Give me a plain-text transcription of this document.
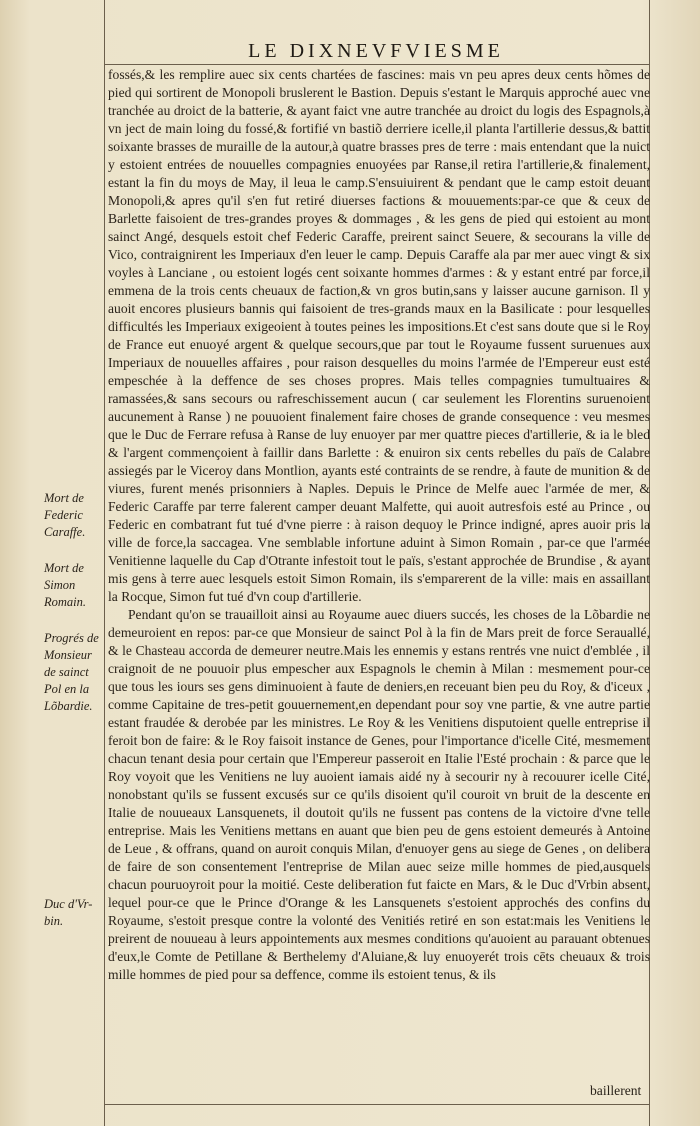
LE DIXNEVFVIESME
Mort de
Federic
Caraffe.
Mort de
Simon
Romain.
Progrés de
Monsieur
de sainct
Pol en la
Lõbardie.
Duc d'Vr-
bin.

fossés,& les remplire auec six cents chartées de fascines: mais vn peu apres deux cents hõmes de pied qui sortirent de Monopoli bruslerent le Bastion. Depuis s'estant le Marquis approché auec vne tranchée au droict de la batterie, & ayant faict vne autre tranchée au droict du logis des Espagnols,à vn ject de main loing du fossé,& fortifié vn bastiõ derriere icelle,il planta l'artillerie dessus,& battit soixante brasses de muraille de la autour,à quatre brasses pres de terre : mais entendant que la nuict y estoient entrées de nouuelles compagnies enuoyées par Ranse,il retira l'artillerie,& finalement, estant la fin du moys de May, il leua le camp.S'ensuiuirent & pendant que le camp estoit deuant Monopoli,& apres qu'il s'en fut retiré diuerses factions & mouuements:par-ce que & ceux de Barlette faisoient de tres-grandes proyes & dommages , & les gens de pied qui estoient au mont sainct Angé, desquels estoit chef Federic Caraffe, preirent sainct Seuere, & secourans la ville de Vico, contraignirent les Imperiaux d'en leuer le camp. Depuis Caraffe ala par mer auec vingt & six voyles à Lanciane , ou estoient logés cent soixante hommes d'armes : & y estant entré par force,il emmena de la trois cents cheuaux de faction,& vn gros butin,sans y laisser aucune garnison. Il y auoit encores plusieurs bannis qui faisoient de tres-grands maux en la Basilicate : pour lesquelles difficultés les Imperiaux exigeoient à toutes peines les impositions.Et c'est sans doute que si le Roy de France eut enuoyé argent & quelque secours,que par tout le Royaume fussent suruenues aux Imperiaux de nouuelles affaires , pour raison desquelles du moins l'armée de l'Empereur eust esté empeschée à la deffence de ses choses propres. Mais telles compagnies tumultuaires & ramassées,& sans secours ou rafreschissement aucun ( car seulement les Florentins suruenoient aucunement à Ranse ) ne pouuoient finalement faire choses de grande consequence : veu mesmes que le Duc de Ferrare refusa à Ranse de luy enuoyer par mer quattre pieces d'artillerie, & ia le bled & l'argent commençoient à faillir dans Barlette : & enuiron six cents rebelles du païs de Calabre assiegés par le Viceroy dans Montlion, ayants esté contraints de se rendre, à faute de munition & de viures, furent menés prisonniers à Naples. Depuis le Prince de Melfe auec l'armée de mer, & Federic Caraffe par terre falerent camper deuant Malfette, qui auoit autresfois esté au Prince , ou Federic en combatrant fut tué d'vne pierre : à raison dequoy le Prince indigné, apres auoir pris la ville de force,la saccagea. Vne semblable infortune aduint à Simon Romain , par-ce que l'armée Venitienne laquelle du Cap d'Otrante infestoit tout le païs, s'estant approchée de Brundise , & ayant mis gens à terre auec lesquels estoit Simon Romain, ils s'emparerent de la ville: mais en assaillant la Rocque, Simon fut tué d'vn coup d'artillerie.

Pendant qu'on se trauailloit ainsi au Royaume auec diuers succés, les choses de la Lõbardie ne demeuroient en repos: par-ce que Monsieur de sainct Pol à la fin de Mars preit de force Serauallé, & le Chasteau accorda de demeurer neutre.Mais les ennemis y estans rentrés vne nuict d'emblée , il craignoit de ne pouuoir plus empescher aux Espagnols le chemin à Milan : mesmement pour-ce que tous les iours ses gens diminuoient à faute de deniers,en receuant bien peu du Roy, & d'iceux , comme Capitaine de tres-petit gouuernement,en dependant pour soy vne partie, & vne autre partie estant fraudée & derobée par les ministres. Le Roy & les Venitiens disputoient quelle entreprise il feroit bon de faire: & le Roy faisoit instance de Genes, pour l'importance d'icelle Cité, mesmement chacun tenant desia pour certain que l'Empereur passeroit en Italie l'Esté prochain : & parce que le Roy voyoit que les Venitiens ne luy auoient iamais aidé ny à secourir ny à recouurer icelle Cité, nonobstant qu'ils se fussent excusés sur ce qu'ils disoient qu'il couroit vn bruit de la descente en Italie de nouueaux Lansquenets, il doutoit qu'ils ne fussent pas contens de la victoire d'vne telle entreprise. Mais les Venitiens mettans en auant que bien peu de gens estoient demeurés à Antoine de Leue , & offrans, quand on auroit conquis Milan, d'enuoyer gens au siege de Genes , on delibera de faire de son consentement l'entreprise de Milan auec seize mille hommes de pied,ausquels chacun pouruoyroit pour la moitié. Ceste deliberation fut faicte en Mars, & le Duc d'Vrbin absent, lequel pour-ce que le Prince d'Orange & les Lansquenets s'estoient approchés des confins du Royaume, s'estoit presque contre la volonté des Venitiés retiré en son estat:mais les Venitiens le preirent de nouueau à leurs appointements aux mesmes conditions qu'auoient au parauant obtenues d'eux,le Comte de Petillane & Berthelemy d'Aluiane,& luy enuoyerét trois cēts cheuaux & trois mille hommes de pied pour sa deffence, comme ils estoient tenus, & ils

baillerent
